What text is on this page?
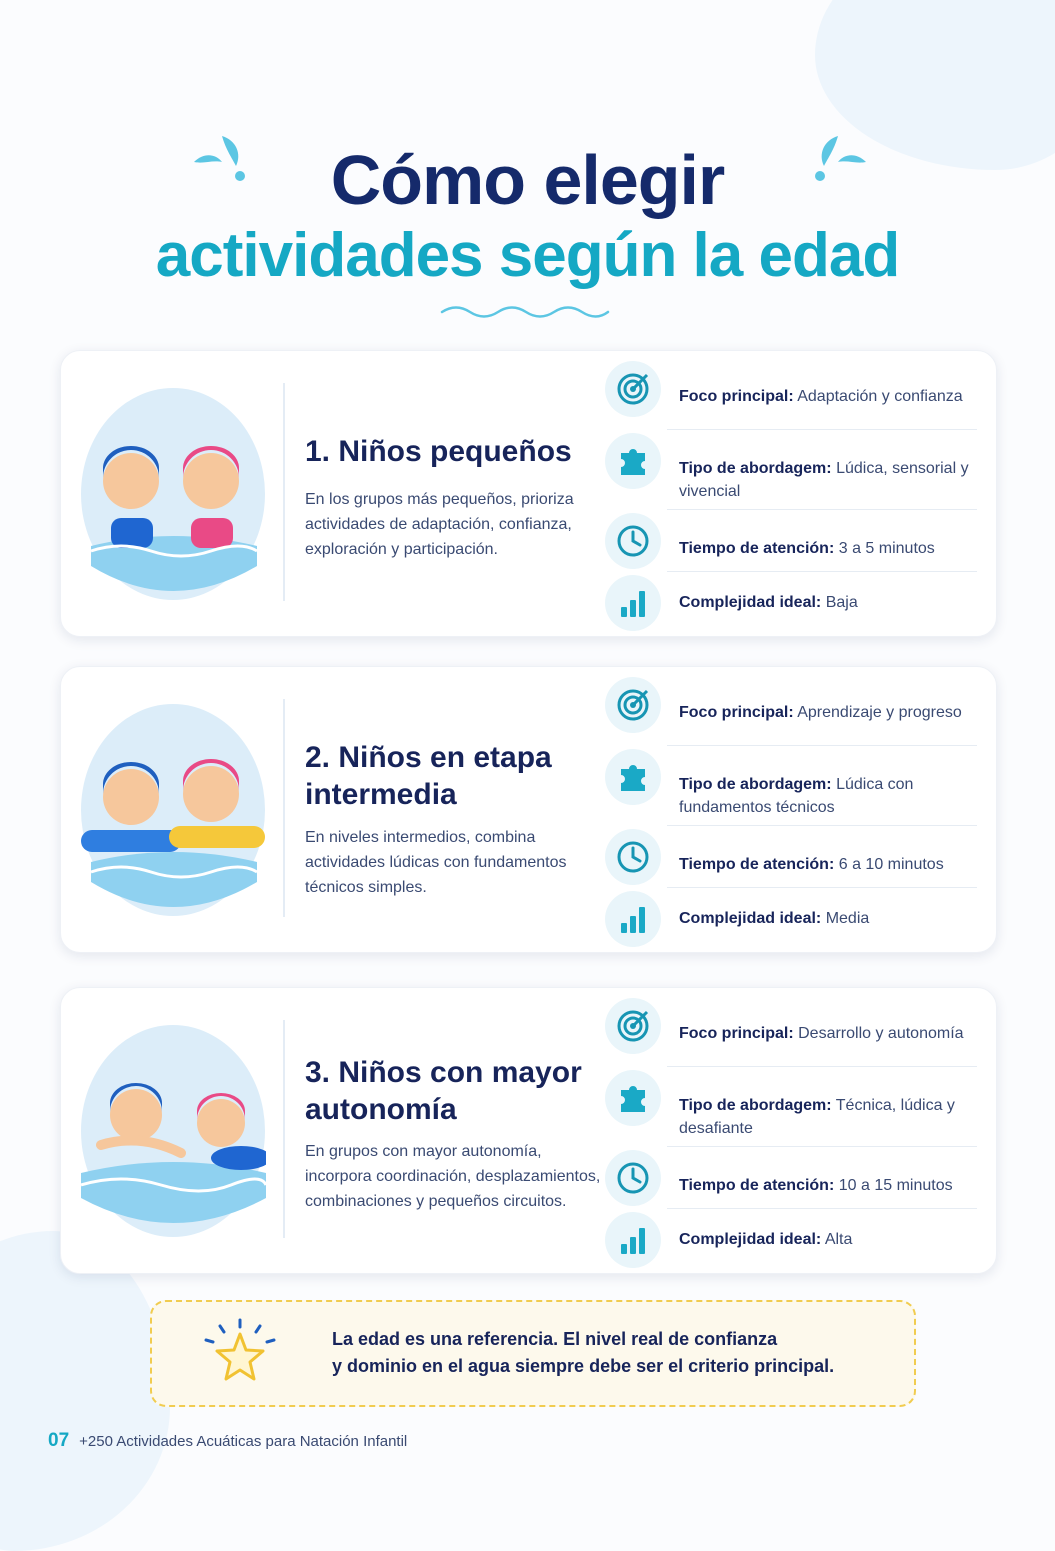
Cómo elegir
actividades según la edad
1. Niños pequeños
En los grupos más pequeños, prioriza actividades de adaptación, confianza, exploración y participación.
Foco principal: Adaptación y confianza
Tipo de abordagem: Lúdica, sensorial y vivencial
Tiempo de atención: 3 a 5 minutos
Complejidad ideal: Baja
2. Niños en etapa intermedia
En niveles intermedios, combina actividades lúdicas con fundamentos técnicos simples.
Foco principal: Aprendizaje y progreso
Tipo de abordagem: Lúdica con fundamentos técnicos
Tiempo de atención: 6 a 10 minutos
Complejidad ideal: Media
3. Niños con mayor autonomía
En grupos con mayor autonomía, incorpora coordinación, desplazamientos, combinaciones y pequeños circuitos.
Foco principal: Desarrollo y autonomía
Tipo de abordagem: Técnica, lúdica y desafiante
Tiempo de atención: 10 a 15 minutos
Complejidad ideal: Alta
La edad es una referencia. El nivel real de confianza
y dominio en el agua siempre debe ser el criterio principal.
07 +250 Actividades Acuáticas para Natación Infantil
